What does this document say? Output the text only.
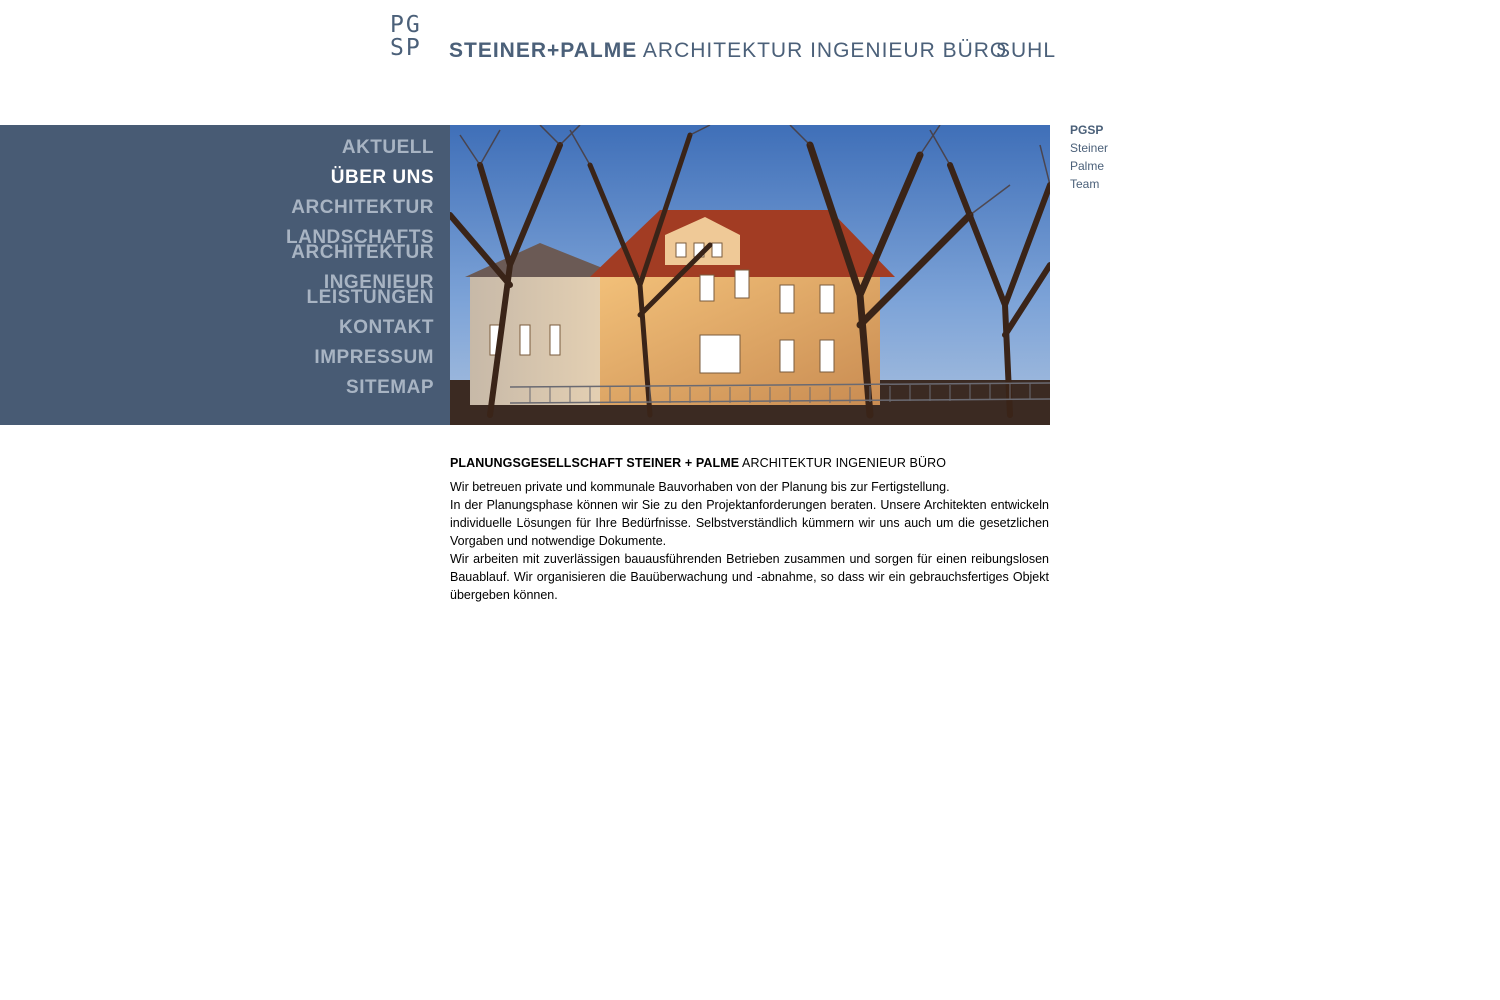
PG
SP	STEINER+PALME ARCHITEKTUR INGENIEUR BÜRO
SUHL
AKTUELL
ÜBER UNS
ARCHITEKTUR
LANDSCHAFTS
ARCHITEKTUR
INGENIEUR
LEISTUNGEN
KONTAKT
IMPRESSUM
SITEMAP
PGSP
Steiner
Palme
Team
PLANUNGSGESELLSCHAFT STEINER + PALME ARCHITEKTUR INGENIEUR BÜRO

Wir betreuen private und kommunale Bauvorhaben von der Planung bis zur Fertigstellung.

In der Planungsphase können wir Sie zu den Projektanforderungen beraten. Unsere Architekten entwickeln individuelle Lösungen für Ihre Bedürfnisse. Selbstverständlich kümmern wir uns auch um die gesetzlichen Vorgaben und notwendige Dokumente.

Wir arbeiten mit zuverlässigen bauausführenden Betrieben zusammen und sorgen für einen reibungslosen Bauablauf. Wir organisieren die Bauüberwachung und -abnahme, so dass wir ein gebrauchsfertiges Objekt übergeben können.
